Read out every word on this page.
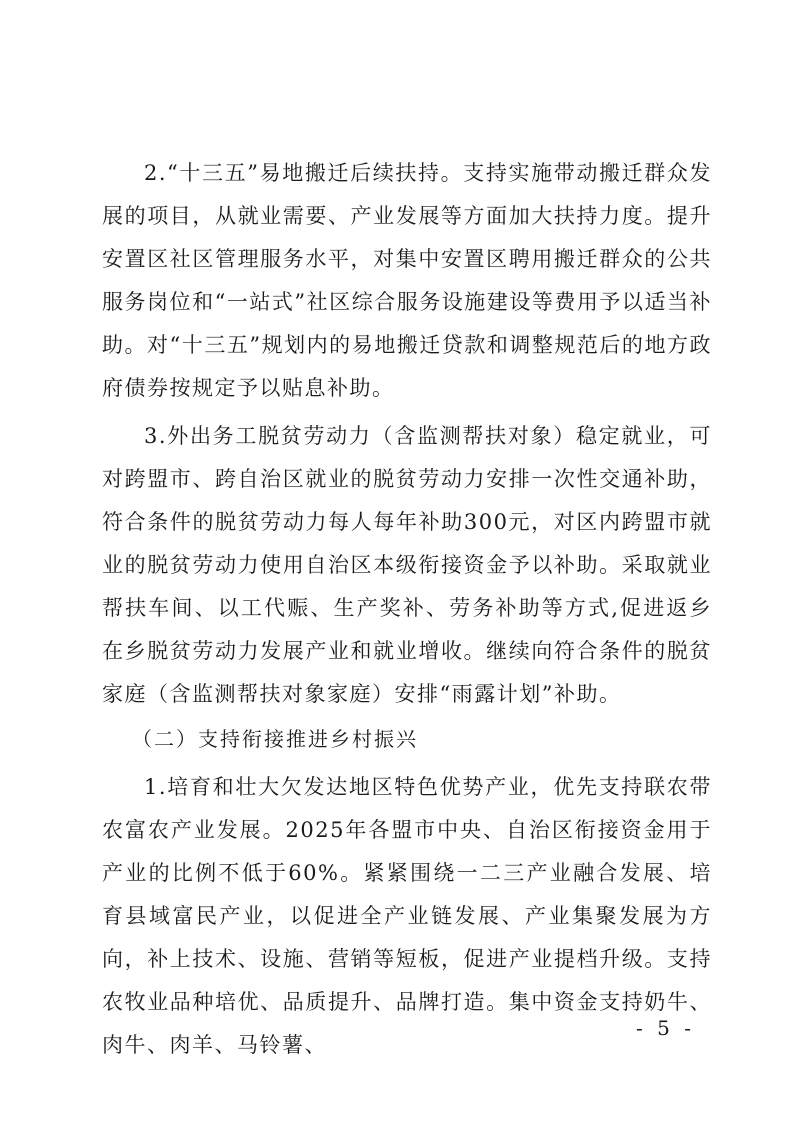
2.“十三五”易地搬迁后续扶持。支持实施带动搬迁群众发展的项目，从就业需要、产业发展等方面加大扶持力度。提升安置区社区管理服务水平，对集中安置区聘用搬迁群众的公共服务岗位和“一站式”社区综合服务设施建设等费用予以适当补助。对“十三五”规划内的易地搬迁贷款和调整规范后的地方政府债券按规定予以贴息补助。

3.外出务工脱贫劳动力（含监测帮扶对象）稳定就业，可对跨盟市、跨自治区就业的脱贫劳动力安排一次性交通补助，符合条件的脱贫劳动力每人每年补助300元，对区内跨盟市就业的脱贫劳动力使用自治区本级衔接资金予以补助。采取就业帮扶车间、以工代赈、生产奖补、劳务补助等方式,促进返乡在乡脱贫劳动力发展产业和就业增收。继续向符合条件的脱贫家庭（含监测帮扶对象家庭）安排“雨露计划”补助。

（二）支持衔接推进乡村振兴

1.培育和壮大欠发达地区特色优势产业，优先支持联农带农富农产业发展。2025年各盟市中央、自治区衔接资金用于产业的比例不低于60%。紧紧围绕一二三产业融合发展、培育县域富民产业，以促进全产业链发展、产业集聚发展为方向，补上技术、设施、营销等短板，促进产业提档升级。支持农牧业品种培优、品质提升、品牌打造。集中资金支持奶牛、肉牛、肉羊、马铃薯、

- 5 -
